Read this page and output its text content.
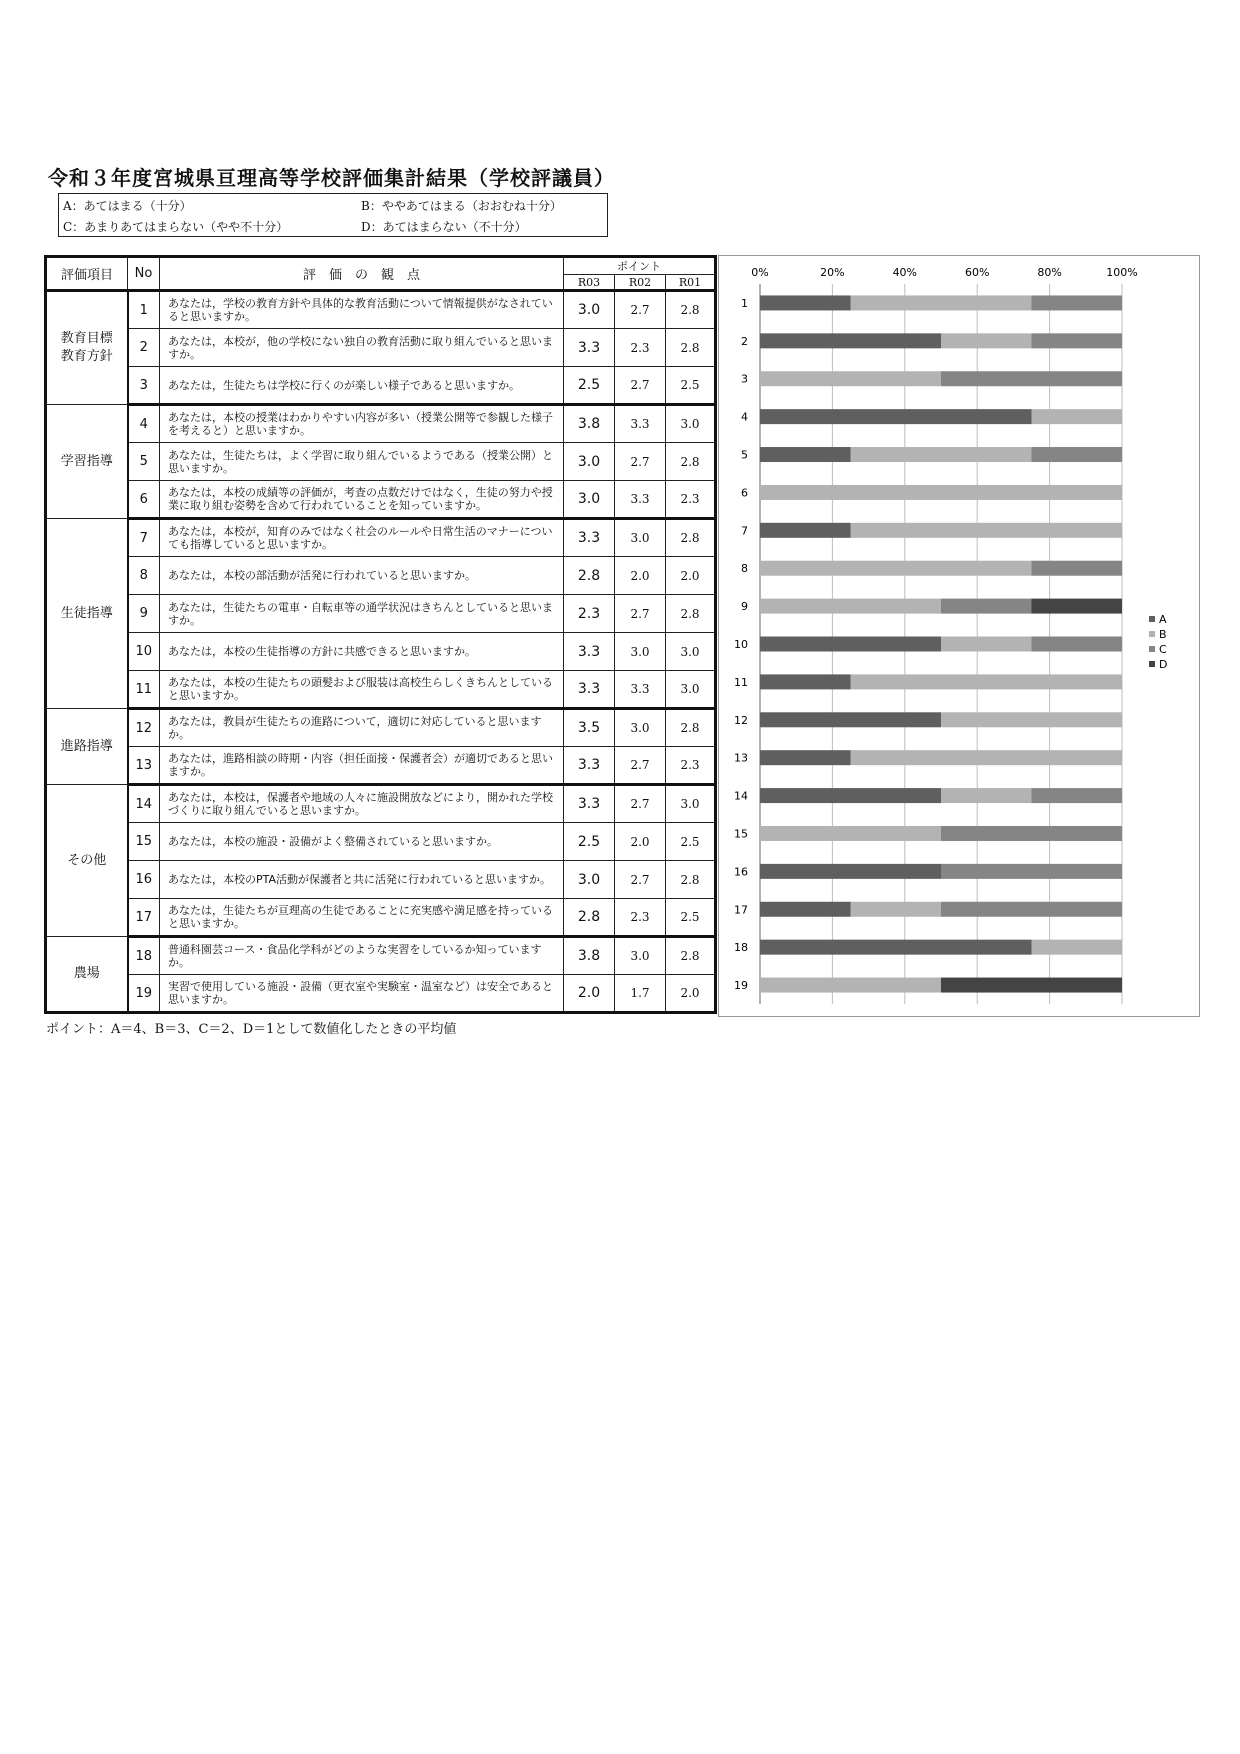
令和３年度宮城県亘理高等学校評価集計結果（学校評議員）
A：あてはまる（十分）	B：ややあてはまる（おおむね十分）
C：あまりあてはまらない（やや不十分）	D：あてはまらない（不十分）
評価項目	No	評　価　の　観　点	ポイント		
			R03	R02	R01
教育目標
教育方針	1	あなたは，学校の教育方針や具体的な教育活動について情報提供がなされていると思いますか。	3.0	2.7	2.8
	2	あなたは，本校が，他の学校にない独自の教育活動に取り組んでいると思いますか。	3.3	2.3	2.8
	3	あなたは，生徒たちは学校に行くのが楽しい様子であると思いますか。	2.5	2.7	2.5
学習指導	4	あなたは，本校の授業はわかりやすい内容が多い（授業公開等で参観した様子を考えると）と思いますか。	3.8	3.3	3.0
	5	あなたは，生徒たちは，よく学習に取り組んでいるようである（授業公開）と思いますか。	3.0	2.7	2.8
	6	あなたは，本校の成績等の評価が，考査の点数だけではなく，生徒の努力や授業に取り組む姿勢を含めて行われていることを知っていますか。	3.0	3.3	2.3
生徒指導	7	あなたは，本校が，知育のみではなく社会のルールや日常生活のマナーについても指導していると思いますか。	3.3	3.0	2.8
	8	あなたは，本校の部活動が活発に行われていると思いますか。	2.8	2.0	2.0
	9	あなたは，生徒たちの電車・自転車等の通学状況はきちんとしていると思いますか。	2.3	2.7	2.8
	10	あなたは，本校の生徒指導の方針に共感できると思いますか。	3.3	3.0	3.0
	11	あなたは，本校の生徒たちの頭髪および服装は高校生らしくきちんとしていると思いますか。	3.3	3.3	3.0
進路指導	12	あなたは，教員が生徒たちの進路について，適切に対応していると思いますか。	3.5	3.0	2.8
	13	あなたは，進路相談の時期・内容（担任面接・保護者会）が適切であると思いますか。	3.3	2.7	2.3
その他	14	あなたは，本校は，保護者や地域の人々に施設開放などにより，開かれた学校づくりに取り組んでいると思いますか。	3.3	2.7	3.0
	15	あなたは，本校の施設・設備がよく整備されていると思いますか。	2.5	2.0	2.5
	16	あなたは，本校のPTA活動が保護者と共に活発に行われていると思いますか。	3.0	2.7	2.8
	17	あなたは，生徒たちが亘理高の生徒であることに充実感や満足感を持っていると思いますか。	2.8	2.3	2.5
農場	18	普通科園芸コース・食品化学科がどのような実習をしているか知っていますか。	3.8	3.0	2.8
	19	実習で使用している施設・設備（更衣室や実験室・温室など）は安全であると思いますか。	2.0	1.7	2.0
ポイント：A＝4、B＝3、C＝2、D＝1として数値化したときの平均値
0%	20%	40%	60%	80%	100%
1
2
3
4
5
6
7
8
9
10
11
12
13
14
15
16
17
18
19
A
B
C
D
